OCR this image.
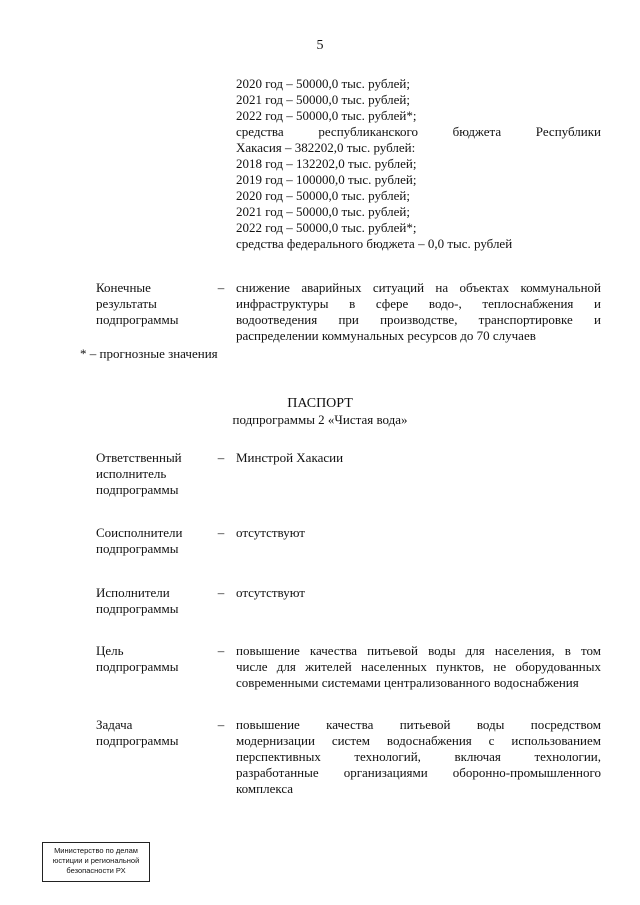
5
2020 год – 50000,0 тыс. рублей;
2021 год – 50000,0 тыс. рублей;
2022 год – 50000,0 тыс. рублей*;
средства республиканского бюджета Республики
Хакасия – 382202,0 тыс. рублей:
2018 год – 132202,0 тыс. рублей;
2019 год – 100000,0 тыс. рублей;
2020 год – 50000,0 тыс. рублей;
2021 год – 50000,0 тыс. рублей;
2022 год – 50000,0 тыс. рублей*;
средства федерального бюджета – 0,0 тыс. рублей
Конечные
результаты
подпрограммы
– снижение аварийных ситуаций на объектах коммунальной
инфраструктуры в сфере водо-, теплоснабжения и
водоотведения при производстве, транспортировке и
распределении коммунальных ресурсов до 70 случаев
* – прогнозные значения
ПАСПОРТ
подпрограммы 2 «Чистая вода»
Ответственный
исполнитель
подпрограммы
– Минстрой Хакасии
Соисполнители
подпрограммы
– отсутствуют
Исполнители
подпрограммы
– отсутствуют
Цель
подпрограммы
– повышение качества питьевой воды для населения, в том
числе для жителей населенных пунктов, не оборудованных
современными системами централизованного водоснабжения
Задача
подпрограммы
– повышение качества питьевой воды посредством
модернизации систем водоснабжения с использованием
перспективных технологий, включая технологии,
разработанные организациями оборонно-промышленного
комплекса
Министерство по делам
юстиции и региональной
безопасности РХ
